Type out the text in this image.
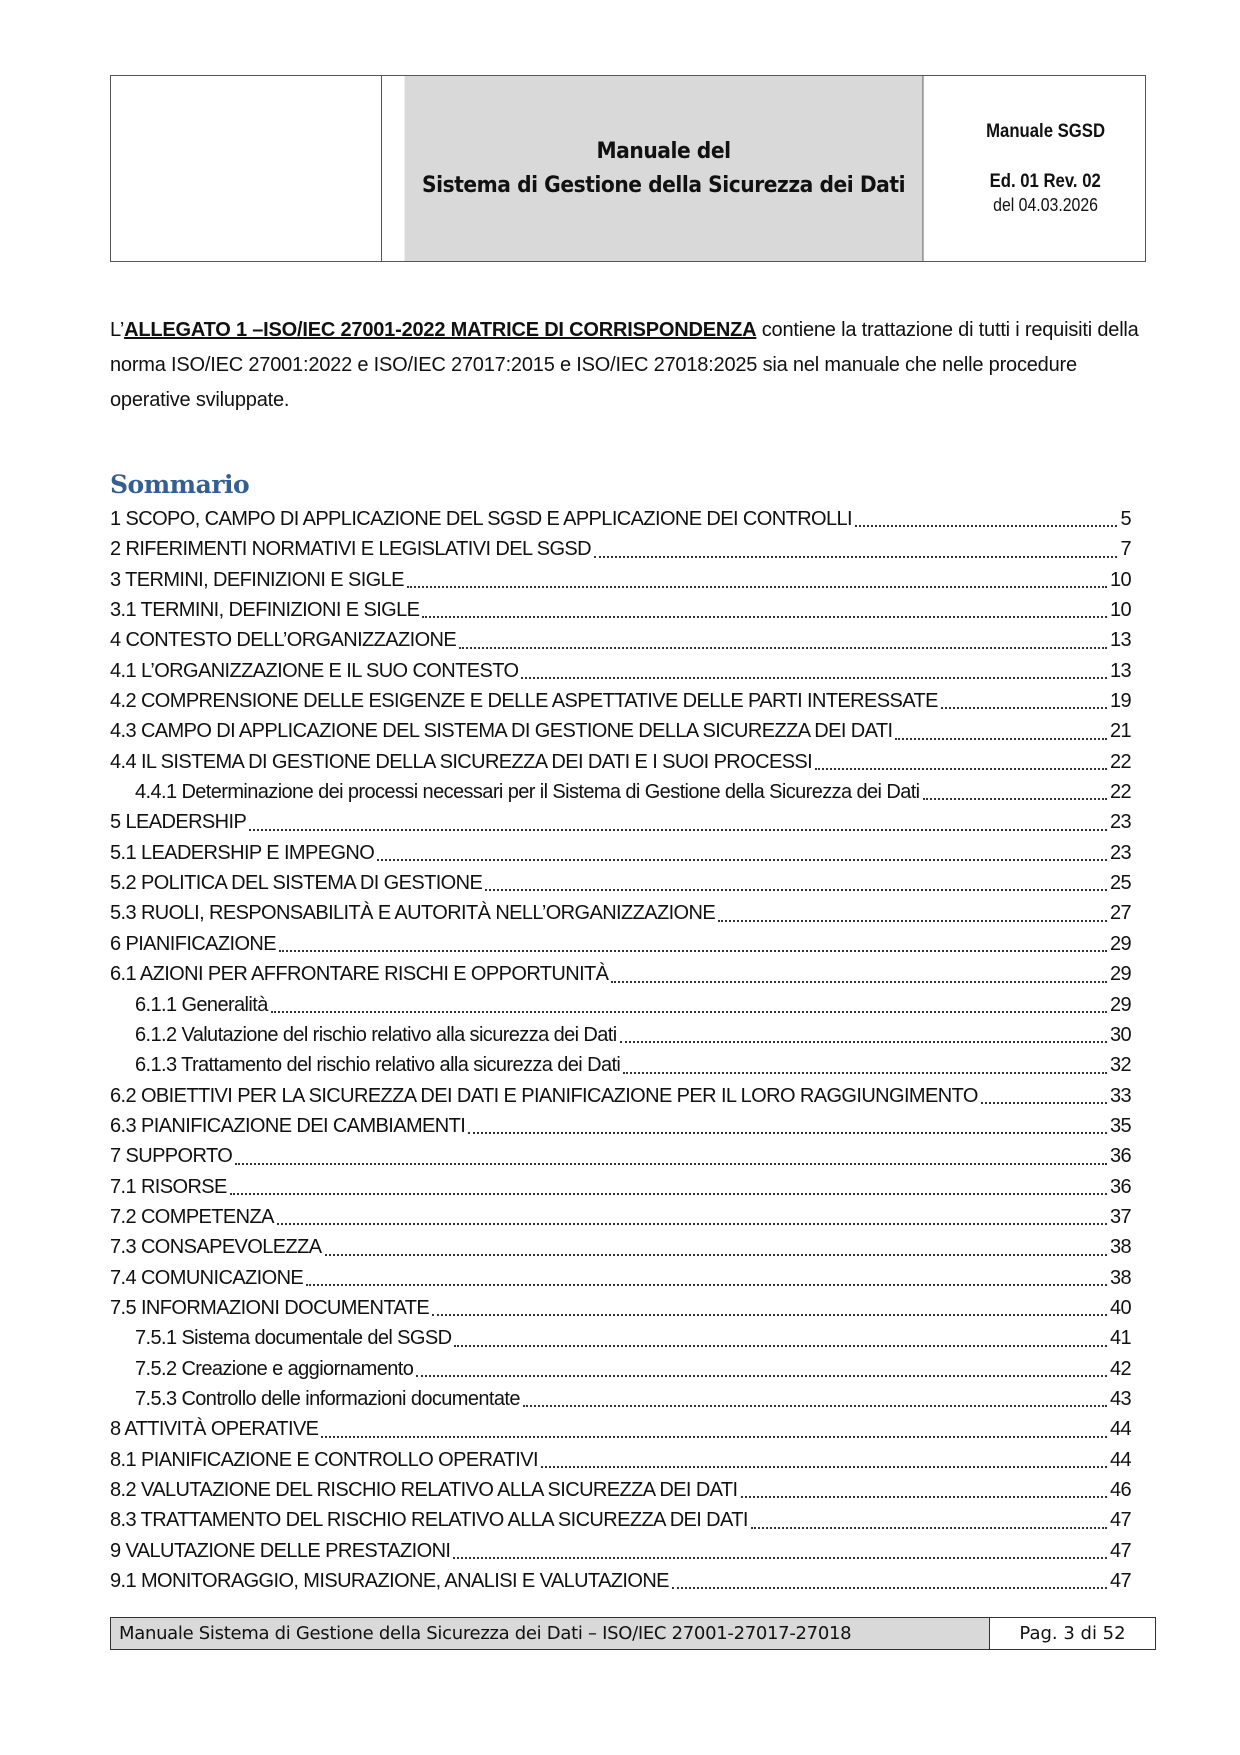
Manuale del
Sistema di Gestione della Sicurezza dei Dati
Manuale SGSD
Ed. 01 Rev. 02
del 04.03.2026
L’ALLEGATO 1 –ISO/IEC 27001-2022 MATRICE DI CORRISPONDENZA contiene la trattazione di tutti i requisiti della norma ISO/IEC 27001:2022 e ISO/IEC 27017:2015 e ISO/IEC 27018:2025 sia nel manuale che nelle procedure operative sviluppate.
Sommario
1 SCOPO, CAMPO DI APPLICAZIONE DEL SGSD E APPLICAZIONE DEI CONTROLLI	5
2 RIFERIMENTI NORMATIVI E LEGISLATIVI DEL SGSD	7
3 TERMINI, DEFINIZIONI E SIGLE	10
3.1 TERMINI, DEFINIZIONI E SIGLE	10
4 CONTESTO DELL’ORGANIZZAZIONE	13
4.1 L’ORGANIZZAZIONE E IL SUO CONTESTO	13
4.2 COMPRENSIONE DELLE ESIGENZE E DELLE ASPETTATIVE DELLE PARTI INTERESSATE	19
4.3 CAMPO DI APPLICAZIONE DEL SISTEMA DI GESTIONE DELLA SICUREZZA DEI DATI	21
4.4 IL SISTEMA DI GESTIONE DELLA SICUREZZA DEI DATI E I SUOI PROCESSI	22
4.4.1 Determinazione dei processi necessari per il Sistema di Gestione della Sicurezza dei Dati	22
5 LEADERSHIP	23
5.1 LEADERSHIP E IMPEGNO	23
5.2 POLITICA DEL SISTEMA DI GESTIONE	25
5.3 RUOLI, RESPONSABILITÀ E AUTORITÀ NELL’ORGANIZZAZIONE	27
6 PIANIFICAZIONE	29
6.1 AZIONI PER AFFRONTARE RISCHI E OPPORTUNITÀ	29
6.1.1 Generalità	29
6.1.2 Valutazione del rischio relativo alla sicurezza dei Dati	30
6.1.3 Trattamento del rischio relativo alla sicurezza dei Dati	32
6.2 OBIETTIVI PER LA SICUREZZA DEI DATI E PIANIFICAZIONE PER IL LORO RAGGIUNGIMENTO	33
6.3 PIANIFICAZIONE DEI CAMBIAMENTI	35
7 SUPPORTO	36
7.1 RISORSE	36
7.2 COMPETENZA	37
7.3 CONSAPEVOLEZZA	38
7.4 COMUNICAZIONE	38
7.5 INFORMAZIONI DOCUMENTATE	40
7.5.1 Sistema documentale del SGSD	41
7.5.2 Creazione e aggiornamento	42
7.5.3 Controllo delle informazioni documentate	43
8 ATTIVITÀ OPERATIVE	44
8.1 PIANIFICAZIONE E CONTROLLO OPERATIVI	44
8.2 VALUTAZIONE DEL RISCHIO RELATIVO ALLA SICUREZZA DEI DATI	46
8.3 TRATTAMENTO DEL RISCHIO RELATIVO ALLA SICUREZZA DEI DATI	47
9 VALUTAZIONE DELLE PRESTAZIONI	47
9.1 MONITORAGGIO, MISURAZIONE, ANALISI E VALUTAZIONE	47
Manuale Sistema di Gestione della Sicurezza dei Dati – ISO/IEC 27001-27017-27018	Pag. 3 di 52
